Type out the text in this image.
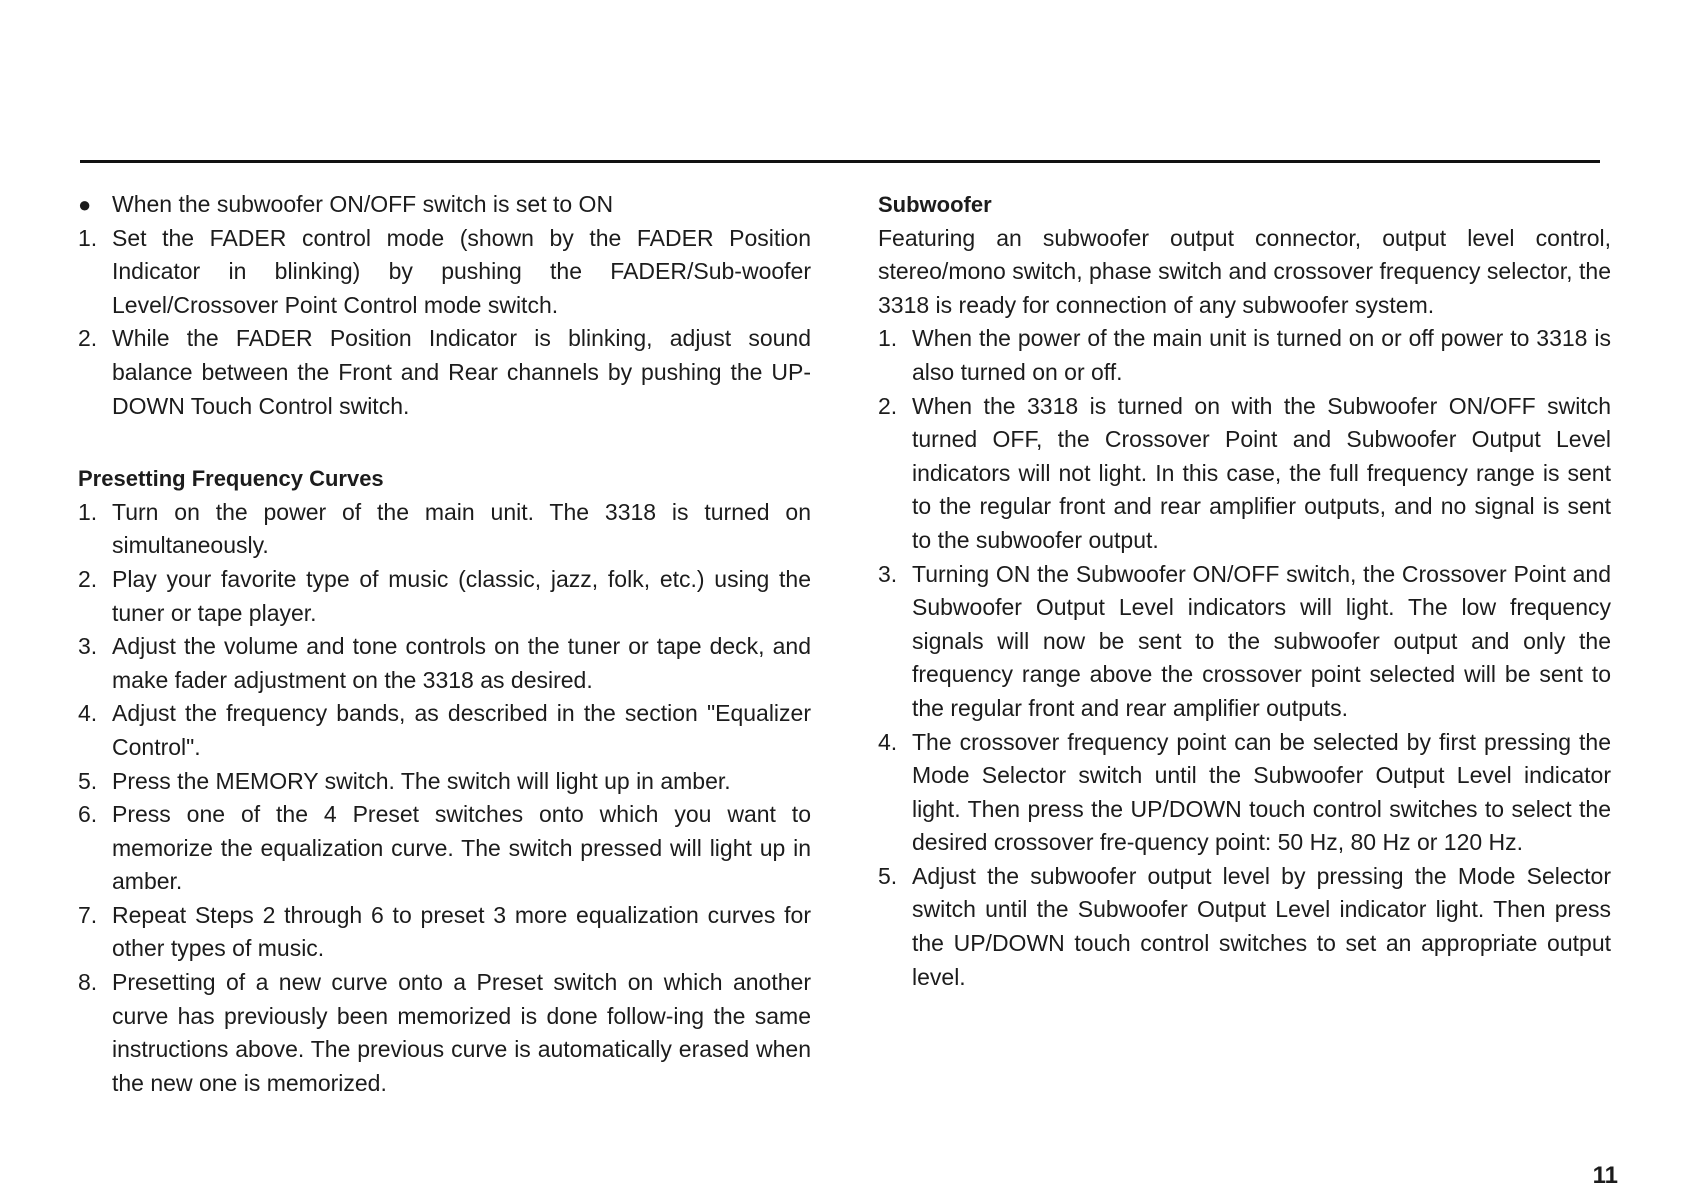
● When the subwoofer ON/OFF switch is set to ON
1. Set the FADER control mode (shown by the FADER Position Indicator in blinking) by pushing the FADER/Sub-woofer Level/Crossover Point Control mode switch.
2. While the FADER Position Indicator is blinking, adjust sound balance between the Front and Rear channels by pushing the UP-DOWN Touch Control switch.
Presetting Frequency Curves
1. Turn on the power of the main unit. The 3318 is turned on simultaneously.
2. Play your favorite type of music (classic, jazz, folk, etc.) using the tuner or tape player.
3. Adjust the volume and tone controls on the tuner or tape deck, and make fader adjustment on the 3318 as desired.
4. Adjust the frequency bands, as described in the section "Equalizer Control".
5. Press the MEMORY switch. The switch will light up in amber.
6. Press one of the 4 Preset switches onto which you want to memorize the equalization curve. The switch pressed will light up in amber.
7. Repeat Steps 2 through 6 to preset 3 more equalization curves for other types of music.
8. Presetting of a new curve onto a Preset switch on which another curve has previously been memorized is done follow-ing the same instructions above. The previous curve is automatically erased when the new one is memorized.
Subwoofer
Featuring an subwoofer output connector, output level control, stereo/mono switch, phase switch and crossover frequency selector, the 3318 is ready for connection of any subwoofer system.
1. When the power of the main unit is turned on or off power to 3318 is also turned on or off.
2. When the 3318 is turned on with the Subwoofer ON/OFF switch turned OFF, the Crossover Point and Subwoofer Output Level indicators will not light. In this case, the full frequency range is sent to the regular front and rear amplifier outputs, and no signal is sent to the subwoofer output.
3. Turning ON the Subwoofer ON/OFF switch, the Crossover Point and Subwoofer Output Level indicators will light. The low frequency signals will now be sent to the subwoofer output and only the frequency range above the crossover point selected will be sent to the regular front and rear amplifier outputs.
4. The crossover frequency point can be selected by first pressing the Mode Selector switch until the Subwoofer Output Level indicator light. Then press the UP/DOWN touch control switches to select the desired crossover fre-quency point: 50 Hz, 80 Hz or 120 Hz.
5. Adjust the subwoofer output level by pressing the Mode Selector switch until the Subwoofer Output Level indicator light. Then press the UP/DOWN touch control switches to set an appropriate output level.
11
